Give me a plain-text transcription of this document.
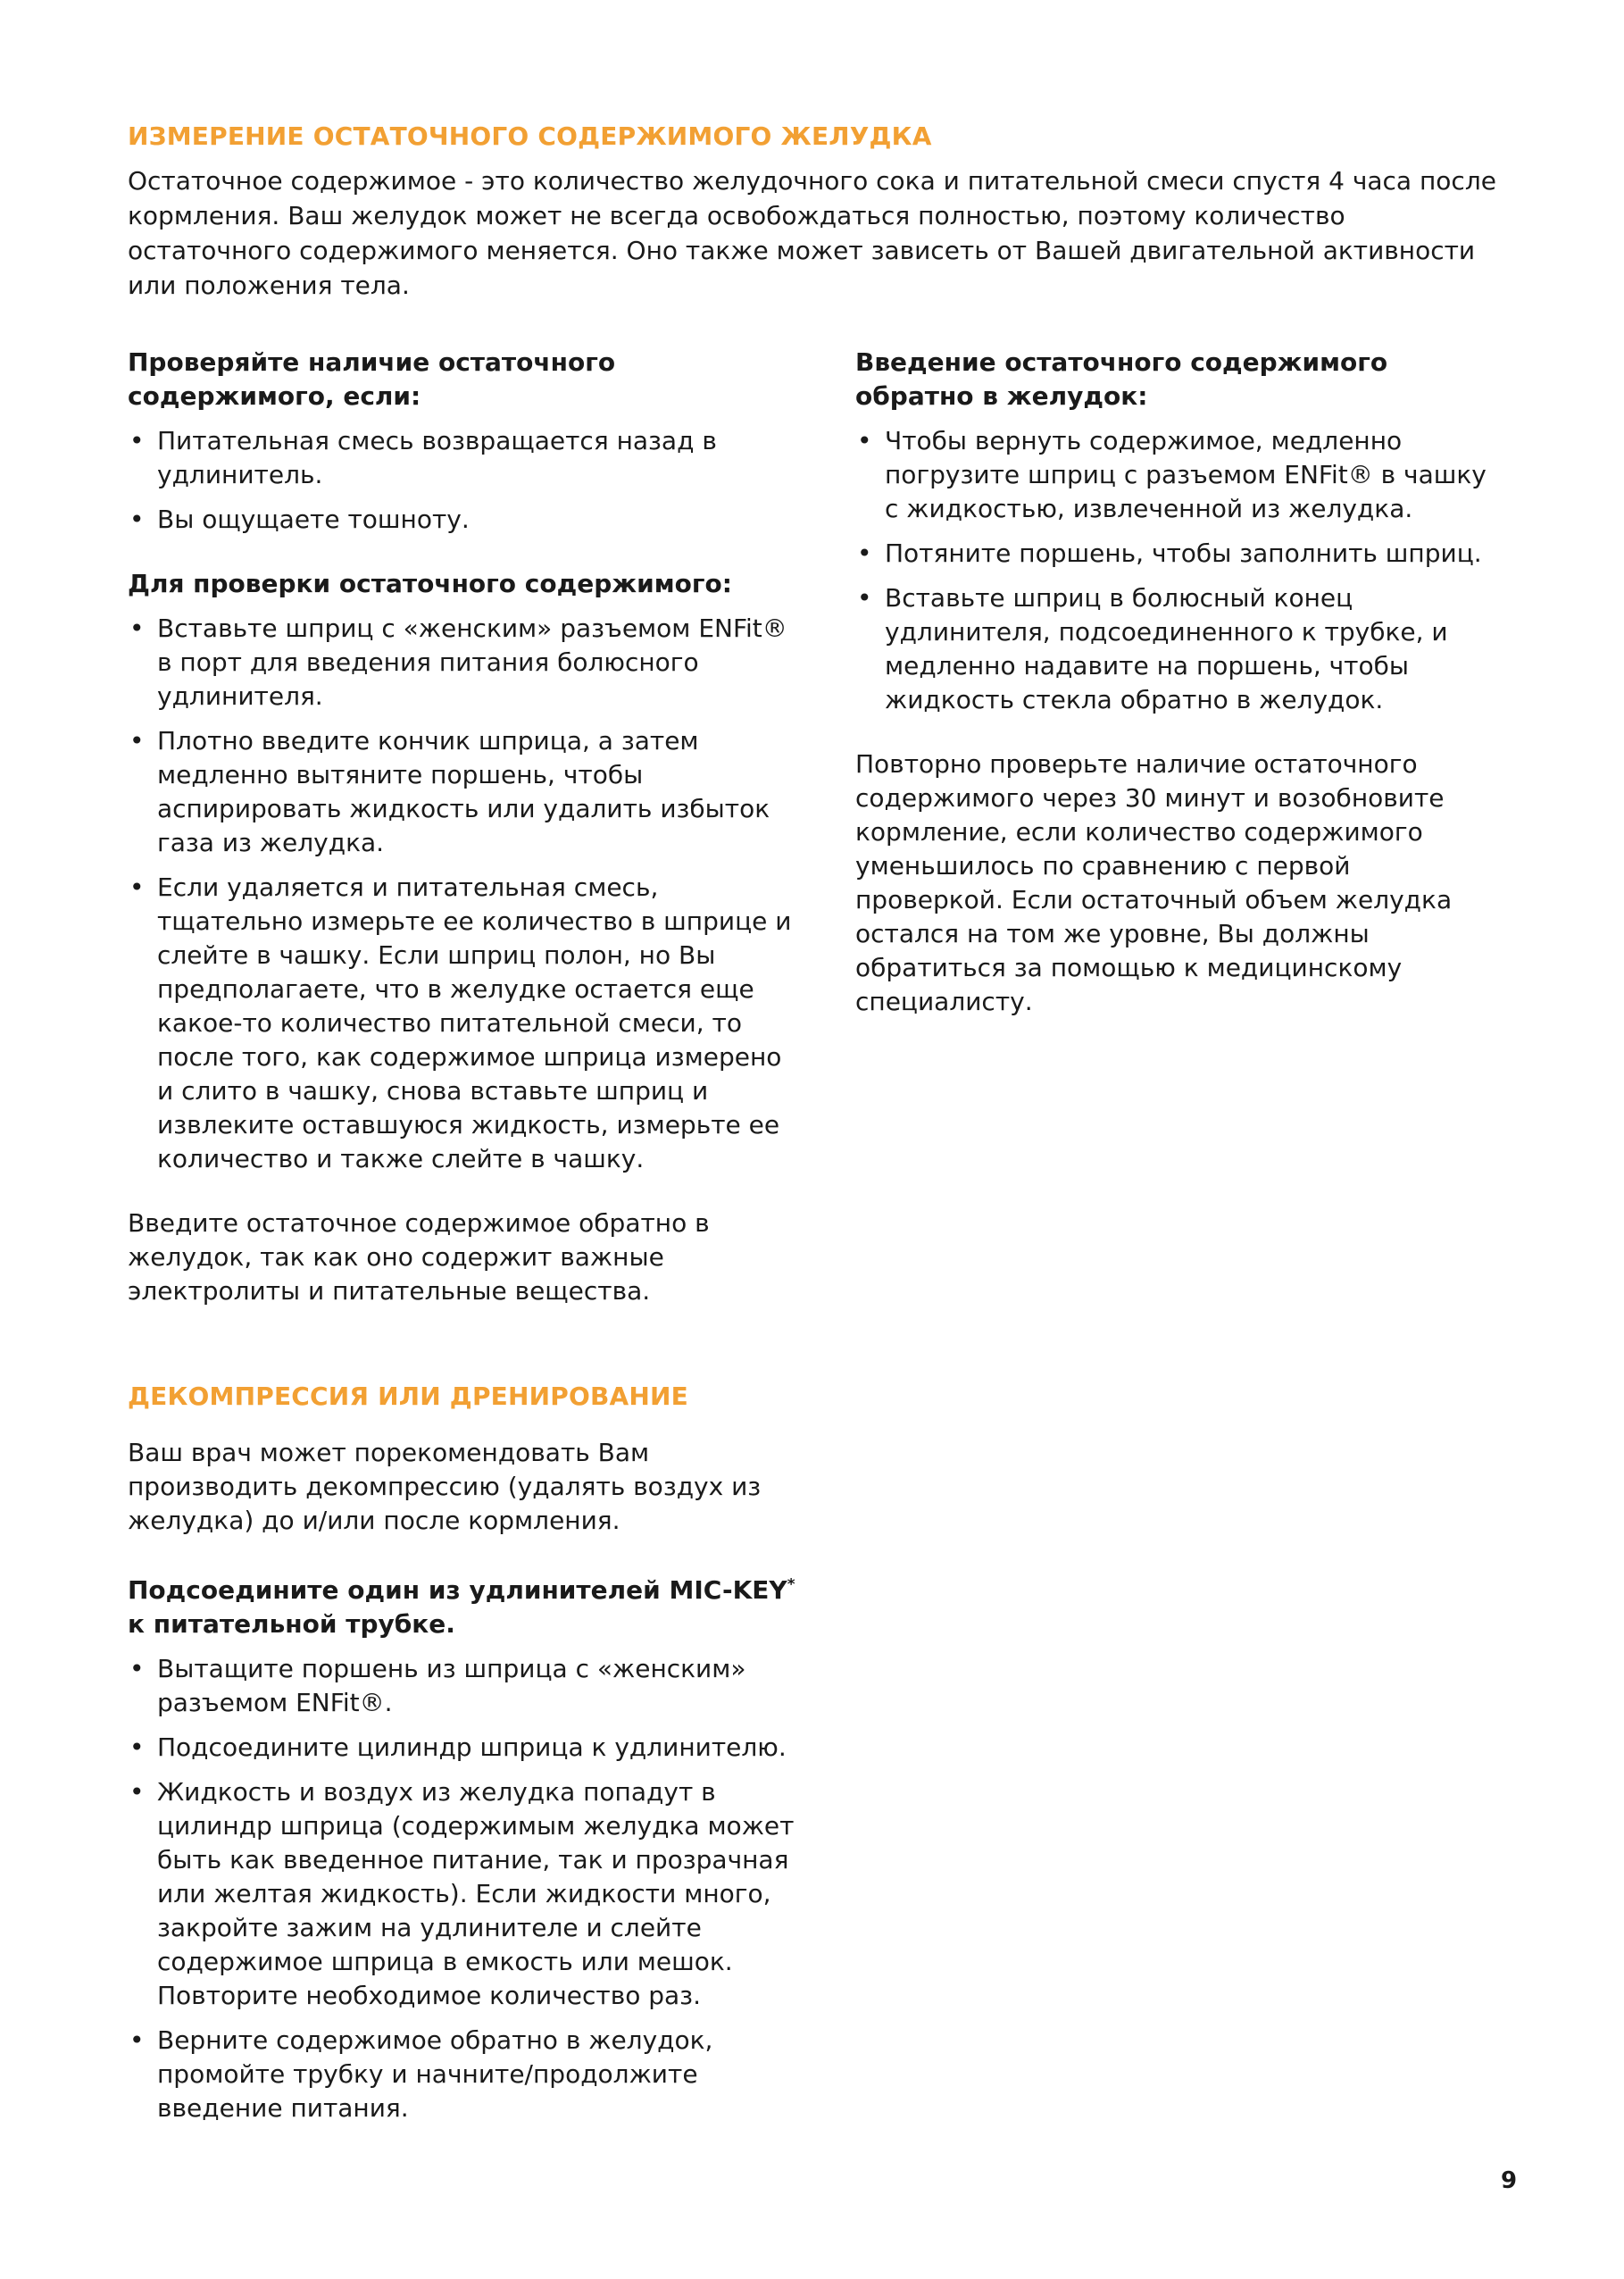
ИЗМЕРЕНИЕ ОСТАТОЧНОГО СОДЕРЖИМОГО ЖЕЛУДКА

Остаточное содержимое - это количество желудочного сока и питательной смеси спустя 4 часа после кормления. Ваш желудок может не всегда освобождаться полностью, поэтому количество остаточного содержимого меняется. Оно также может зависеть от Вашей двигательной активности или положения тела.

Проверяйте наличие остаточного содержимого, если:
• Питательная смесь возвращается назад в удлинитель.
• Вы ощущаете тошноту.
Для проверки остаточного содержимого:
• Вставьте шприц с «женским» разъемом ENFit® в порт для введения питания болюсного удлинителя.
• Плотно введите кончик шприца, а затем медленно вытяните поршень, чтобы аспирировать жидкость или удалить избыток газа из желудка.
• Если удаляется и питательная смесь, тщательно измерьте ее количество в шприце и слейте в чашку. Если шприц полон, но Вы предполагаете, что в желудке остается еще какое-то количество питательной смеси, то после того, как содержимое шприца измерено и слито в чашку, снова вставьте шприц и извлеките оставшуюся жидкость, измерьте ее количество и также слейте в чашку.

Введите остаточное содержимое обратно в желудок, так как оно содержит важные электролиты и питательные вещества.

Введение остаточного содержимого обратно в желудок:
• Чтобы вернуть содержимое, медленно погрузите шприц с разъемом ENFit® в чашку с жидкостью, извлеченной из желудка.
• Потяните поршень, чтобы заполнить шприц.
• Вставьте шприц в болюсный конец удлинителя, подсоединенного к трубке, и медленно надавите на поршень, чтобы жидкость стекла обратно в желудок.

Повторно проверьте наличие остаточного содержимого через 30 минут и возобновите кормление, если количество содержимого уменьшилось по сравнению с первой проверкой. Если остаточный объем желудка остался на том же уровне, Вы должны обратиться за помощью к медицинскому специалисту.

ДЕКОМПРЕССИЯ ИЛИ ДРЕНИРОВАНИЕ

Ваш врач может порекомендовать Вам производить декомпрессию (удалять воздух из желудка) до и/или после кормления.

Подсоедините один из удлинителей MIC-KEY* к питательной трубке.
• Вытащите поршень из шприца с «женским» разъемом ENFit®.
• Подсоедините цилиндр шприца к удлинителю.
• Жидкость и воздух из желудка попадут в цилиндр шприца (содержимым желудка может быть как введенное питание, так и прозрачная или желтая жидкость). Если жидкости много, закройте зажим на удлинителе и слейте содержимое шприца в емкость или мешок. Повторите необходимое количество раз.
• Верните содержимое обратно в желудок, промойте трубку и начните/продолжите введение питания.
9
